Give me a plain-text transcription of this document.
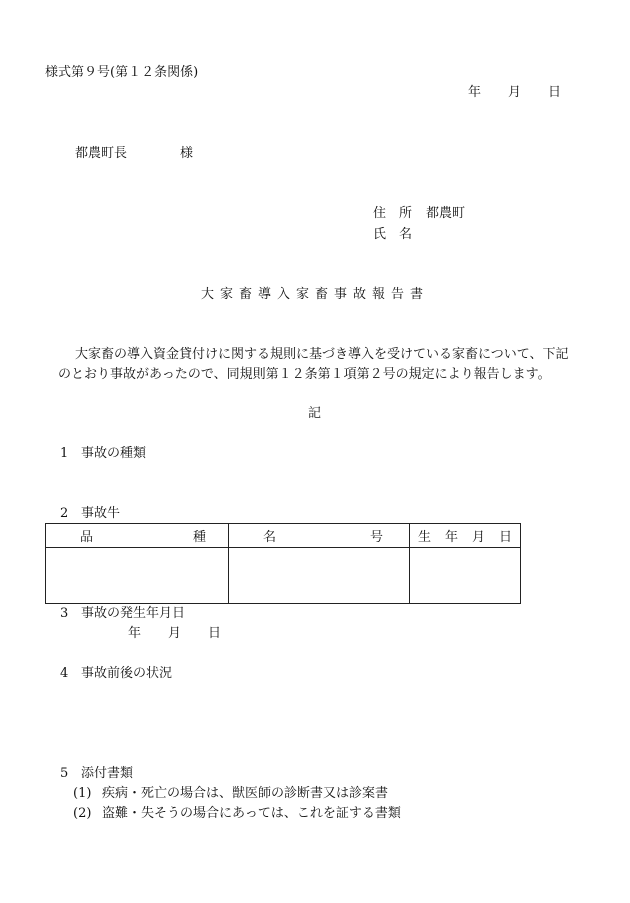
様式第９号(第１２条関係)
年 月 日
都農町長	様
住　所 都農町
氏　名
大家畜導入家畜事故報告書
大家畜の導入資金貸付けに関する規則に基づき導入を受けている家畜について、下記
のとおり事故があったので、同規則第１２条第１項第２号の規定により報告します。
記
1 事故の種類
2 事故牛
品 種	名 号	生 年 月 日

3 事故の発生年月日
年 月 日
4 事故前後の状況
5 添付書類
(1) 疾病・死亡の場合は、獣医師の診断書又は診案書
(2) 盗難・失そうの場合にあっては、これを証する書類
